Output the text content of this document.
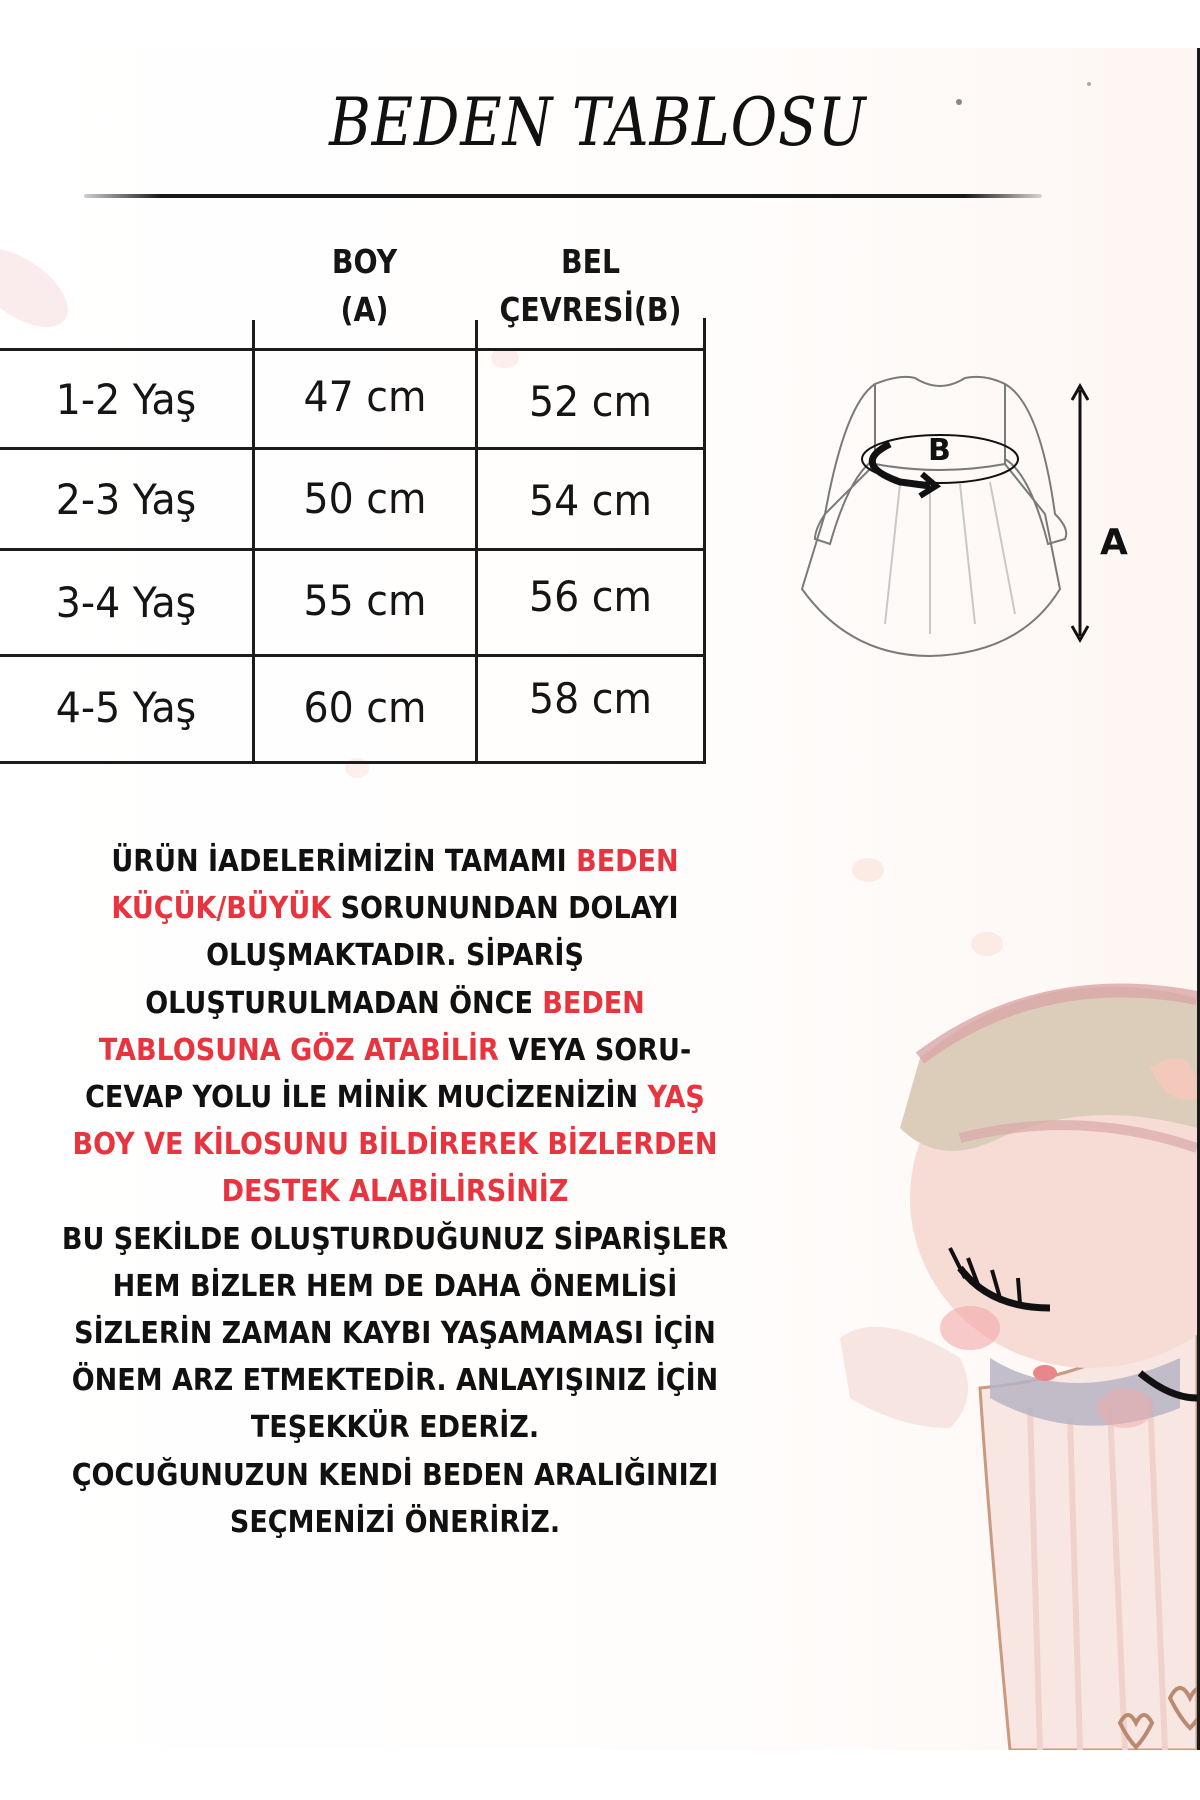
B
A
BEDEN TABLOSU
BOY
(A)
BEL
ÇEVRESİ(B)
1-2 Yaş	47 cm	52 cm
2-3 Yaş	50 cm	54 cm
3-4 Yaş	55 cm	56 cm
4-5 Yaş	60 cm	58 cm
ÜRÜN İADELERİMİZİN TAMAMI BEDEN
KÜÇÜK/BÜYÜK SORUNUNDAN DOLAYI
OLUŞMAKTADIR. SİPARİŞ
OLUŞTURULMADAN ÖNCE BEDEN
TABLOSUNA GÖZ ATABİLİR VEYA SORU-
CEVAP YOLU İLE MİNİK MUCİZENİZİN YAŞ
BOY VE KİLOSUNU BİLDİREREK BİZLERDEN
DESTEK ALABİLİRSİNİZ
BU ŞEKİLDE OLUŞTURDUĞUNUZ SİPARİŞLER
HEM BİZLER HEM DE DAHA ÖNEMLİSİ
SİZLERİN ZAMAN KAYBI YAŞAMAMASI İÇİN
ÖNEM ARZ ETMEKTEDİR. ANLAYIŞINIZ İÇİN
TEŞEKKÜR EDERİZ.
ÇOCUĞUNUZUN KENDİ BEDEN ARALIĞINIZI
SEÇMENİZİ ÖNERİRİZ.
